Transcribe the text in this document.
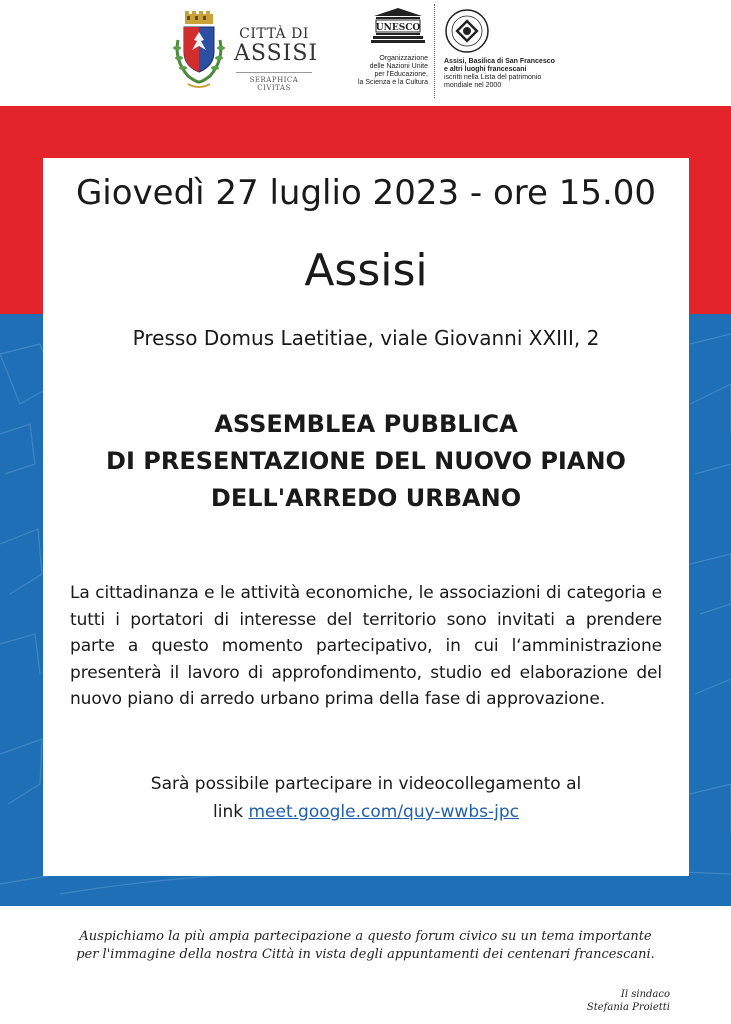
CITTÀ DI
ASSISI
SERAPHICA CIVITAS
UNESCO
Organizzazione
delle Nazioni Unite
per l'Educazione,
la Scienza e la Cultura
Assisi, Basilica di San Francesco
e altri luoghi francescani
iscritti nella Lista del patrimonio
mondiale nel 2000
Giovedì 27 luglio 2023 - ore 15.00
Assisi
Presso Domus Laetitiae, viale Giovanni XXIII, 2
ASSEMBLEA PUBBLICA
DI PRESENTAZIONE DEL NUOVO PIANO
DELL'ARREDO URBANO
La cittadinanza e le attività economiche, le associazioni di categoria e tutti i portatori di interesse del territorio sono invitati a prendere parte a questo momento partecipativo, in cui l‘amministrazione presenterà il lavoro di approfondimento, studio ed elaborazione del nuovo piano di arredo urbano prima della fase di approvazione.
Sarà possibile partecipare in videocollegamento al
link meet.google.com/quy-wwbs-jpc
Auspichiamo la più ampia partecipazione a questo forum civico su un tema importante
per l'immagine della nostra Città in vista degli appuntamenti dei centenari francescani.
Il sindaco
Stefania Proietti
